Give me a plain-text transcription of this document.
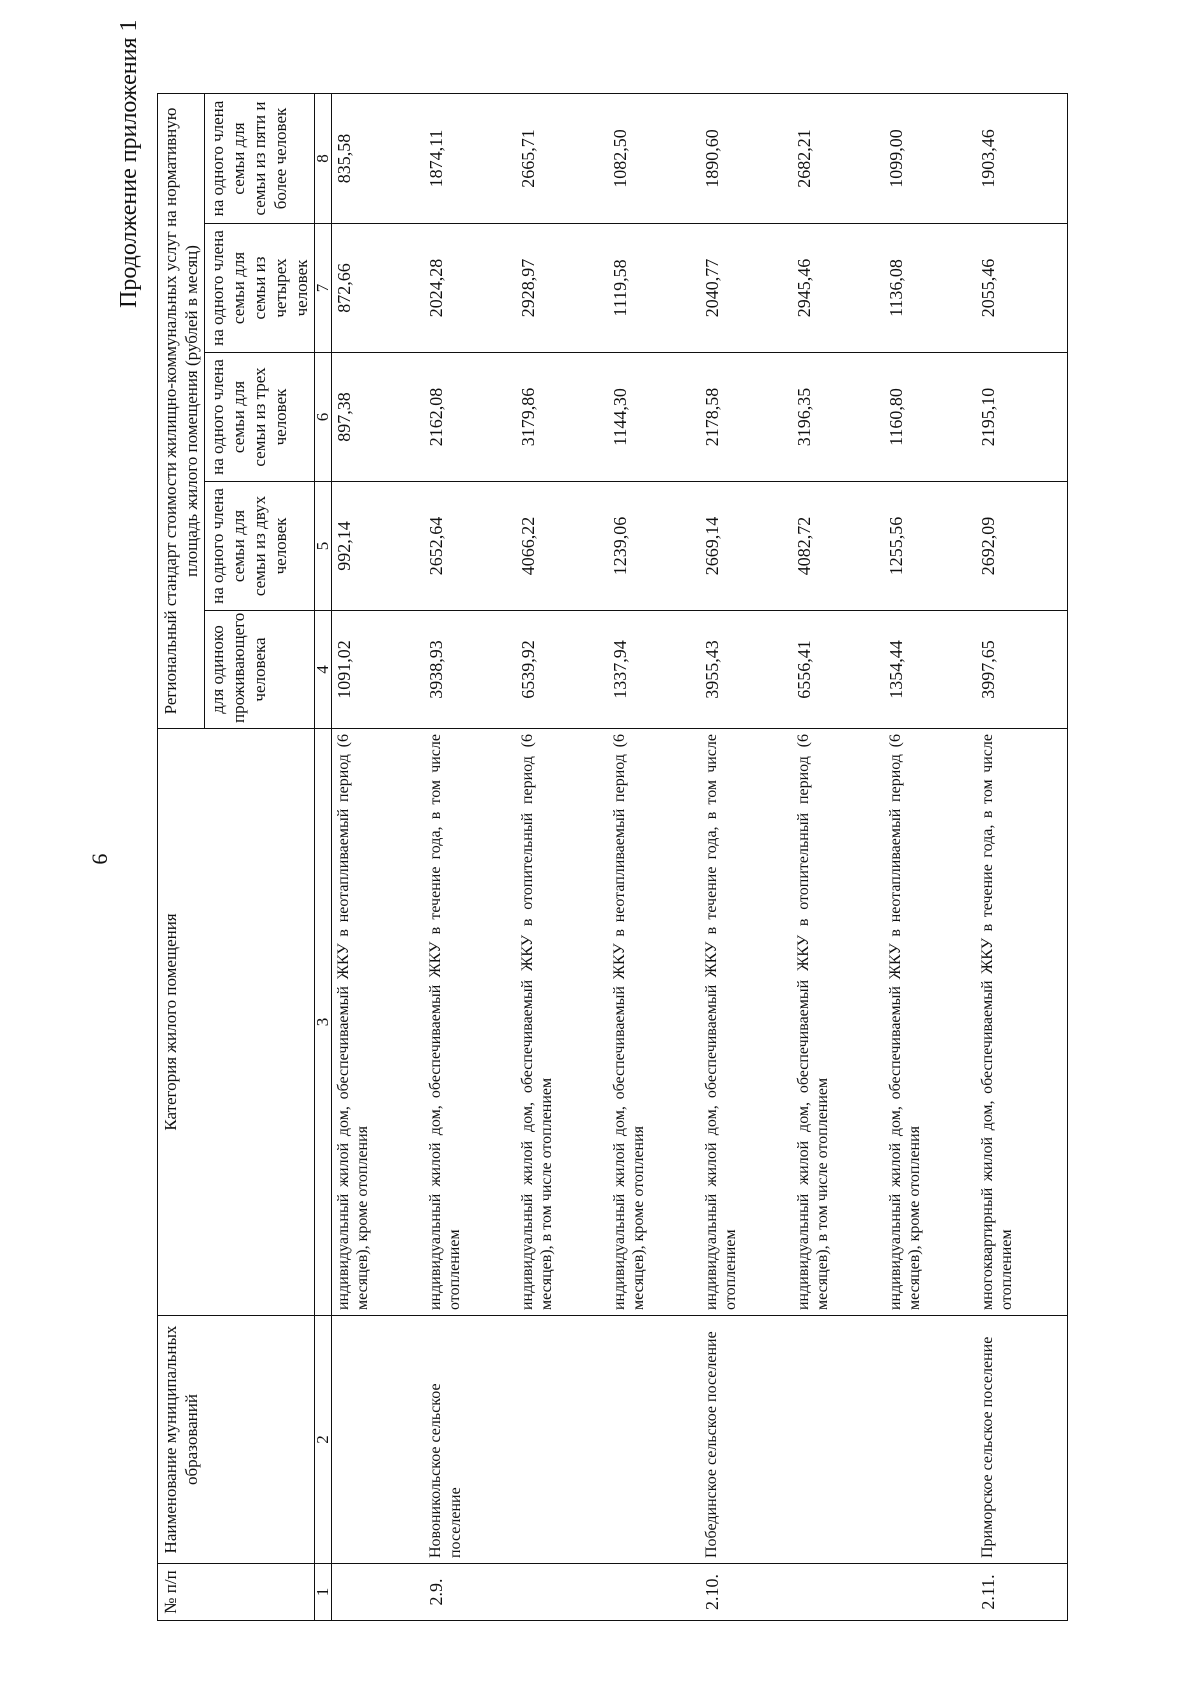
9
Продолжение приложения 1
№ п/п	Наименование муниципальных образований	Категория жилого помещения	Региональный стандарт стоимости жилищно-коммунальных услуг на нормативную площадь жилого помещения (рублей в месяц)				
			для одиноко проживающего человека	на одного члена семьи для семьи из двух человек	на одного члена семьи для семьи из трех человек	на одного члена семьи для семьи из четырех человек	на одного члена семьи для семьи из пяти и более человек
1	2	3	4	5	6	7	8
		индивидуальный жилой дом, обеспечиваемый ЖКУ в неотапливаемый период (6 месяцев), кроме отопления	1091,02	992,14	897,38	872,66	835,58
2.9.	Новоникольское сельское поселение	индивидуальный жилой дом, обеспечиваемый ЖКУ в течение года, в том числе отоплением	3938,93	2652,64	2162,08	2024,28	1874,11
		индивидуальный жилой дом, обеспечиваемый ЖКУ в отопительный период (6 месяцев), в том числе отоплением	6539,92	4066,22	3179,86	2928,97	2665,71
		индивидуальный жилой дом, обеспечиваемый ЖКУ в неотапливаемый период (6 месяцев), кроме отопления	1337,94	1239,06	1144,30	1119,58	1082,50
2.10.	Побединское сельское поселение	индивидуальный жилой дом, обеспечиваемый ЖКУ в течение года, в том числе отоплением	3955,43	2669,14	2178,58	2040,77	1890,60
		индивидуальный жилой дом, обеспечиваемый ЖКУ в отопительный период (6 месяцев), в том числе отоплением	6556,41	4082,72	3196,35	2945,46	2682,21
		индивидуальный жилой дом, обеспечиваемый ЖКУ в неотапливаемый период (6 месяцев), кроме отопления	1354,44	1255,56	1160,80	1136,08	1099,00
2.11.	Приморское сельское поселение	многоквартирный жилой дом, обеспечиваемый ЖКУ в течение года, в том числе отоплением	3997,65	2692,09	2195,10	2055,46	1903,46
